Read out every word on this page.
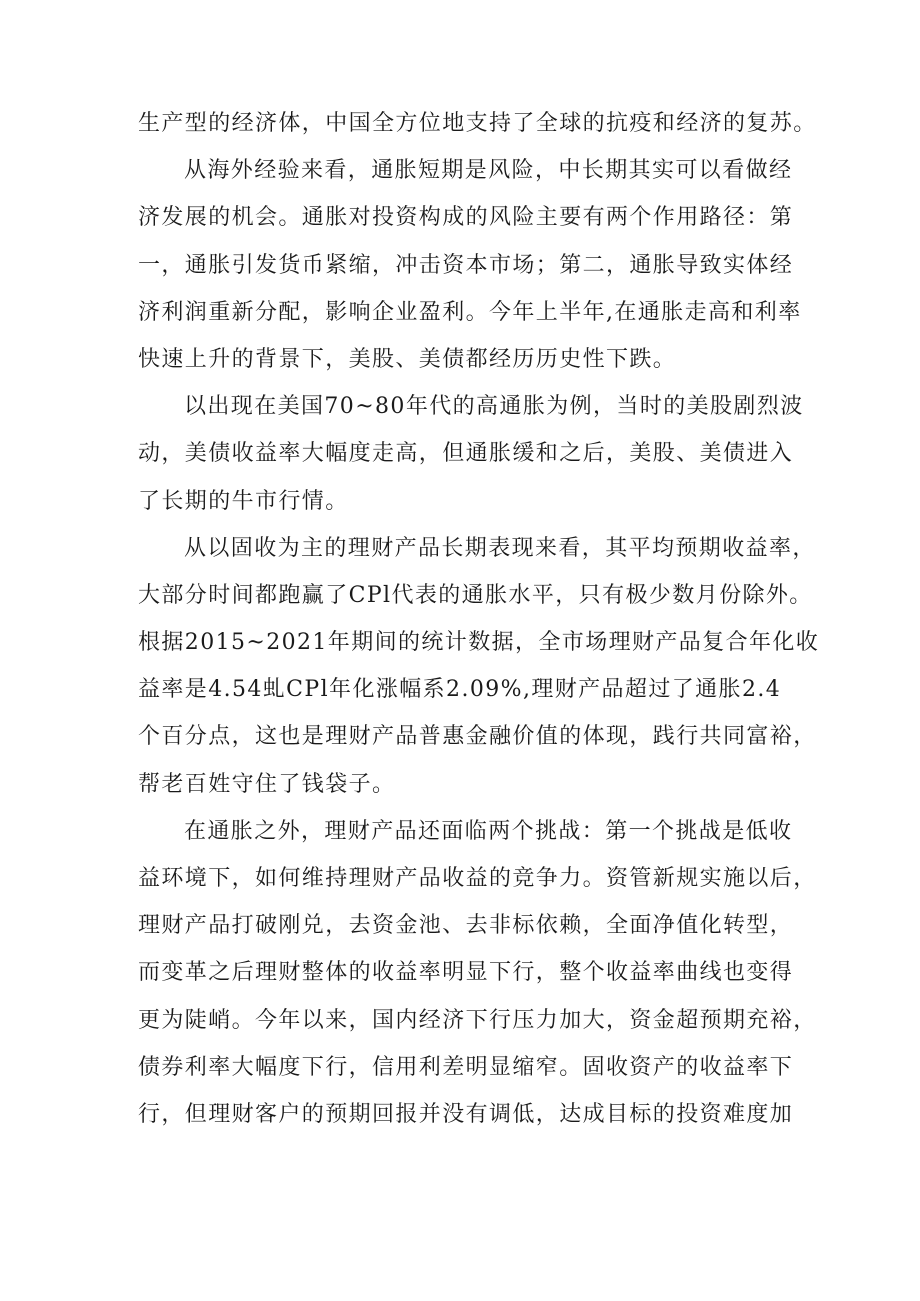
生产型的经济体，中国全方位地支持了全球的抗疫和经济的复苏。
从海外经验来看，通胀短期是风险，中长期其实可以看做经
济发展的机会。通胀对投资构成的风险主要有两个作用路径：第
一，通胀引发货币紧缩，冲击资本市场；第二，通胀导致实体经
济利润重新分配，影响企业盈利。今年上半年,在通胀走高和利率
快速上升的背景下，美股、美债都经历历史性下跌。
以出现在美国70~80年代的高通胀为例，当时的美股剧烈波
动，美债收益率大幅度走高，但通胀缓和之后，美股、美债进入
了长期的牛市行情。
从以固收为主的理财产品长期表现来看，其平均预期收益率，
大部分时间都跑赢了CPl代表的通胀水平，只有极少数月份除外。
根据2015~2021年期间的统计数据，全市场理财产品复合年化收
益率是4.54虬CPl年化涨幅系2.09%,理财产品超过了通胀2.4
个百分点，这也是理财产品普惠金融价值的体现，践行共同富裕，
帮老百姓守住了钱袋子。
在通胀之外，理财产品还面临两个挑战：第一个挑战是低收
益环境下，如何维持理财产品收益的竞争力。资管新规实施以后，
理财产品打破刚兑，去资金池、去非标依赖，全面净值化转型，
而变革之后理财整体的收益率明显下行，整个收益率曲线也变得
更为陡峭。今年以来，国内经济下行压力加大，资金超预期充裕，
债券利率大幅度下行，信用利差明显缩窄。固收资产的收益率下
行，但理财客户的预期回报并没有调低，达成目标的投资难度加
